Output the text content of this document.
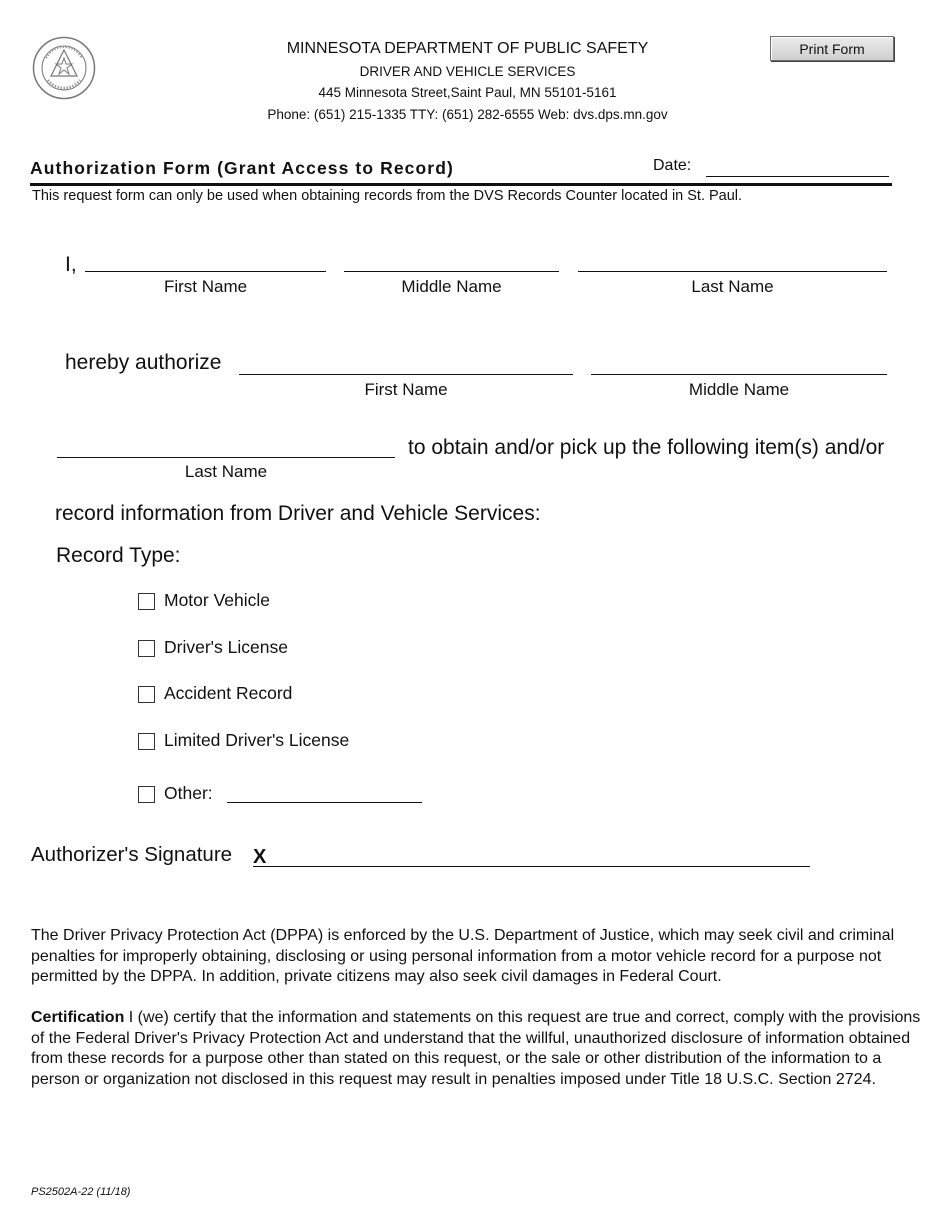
MINNESOTA DEPARTMENT OF PUBLIC SAFETY
DRIVER AND VEHICLE SERVICES
445 Minnesota Street,Saint Paul, MN 55101-5161
Phone: (651) 215-1335 TTY: (651) 282-6555 Web: dvs.dps.mn.gov
Print Form
Authorization Form (Grant Access to Record)	Date:
This request form can only be used when obtaining records from the DVS Records Counter located in St. Paul.
I,
First Name	Middle Name	Last Name
hereby authorize
First Name	Middle Name
Last Name
to obtain and/or pick up the following item(s) and/or
record information from Driver and Vehicle Services:
Record Type:
Motor Vehicle
Driver's License
Accident Record
Limited Driver's License
Other:
Authorizer's Signature X
The Driver Privacy Protection Act (DPPA) is enforced by the U.S. Department of Justice, which may seek civil and criminal penalties for improperly obtaining, disclosing or using personal information from a motor vehicle record for a purpose not permitted by the DPPA. In addition, private citizens may also seek civil damages in Federal Court.
Certification I (we) certify that the information and statements on this request are true and correct, comply with the provisions of the Federal Driver's Privacy Protection Act and understand that the willful, unauthorized disclosure of information obtained from these records for a purpose other than stated on this request, or the sale or other distribution of the information to a person or organization not disclosed in this request may result in penalties imposed under Title 18 U.S.C. Section 2724.
PS2502A-22 (11/18)
